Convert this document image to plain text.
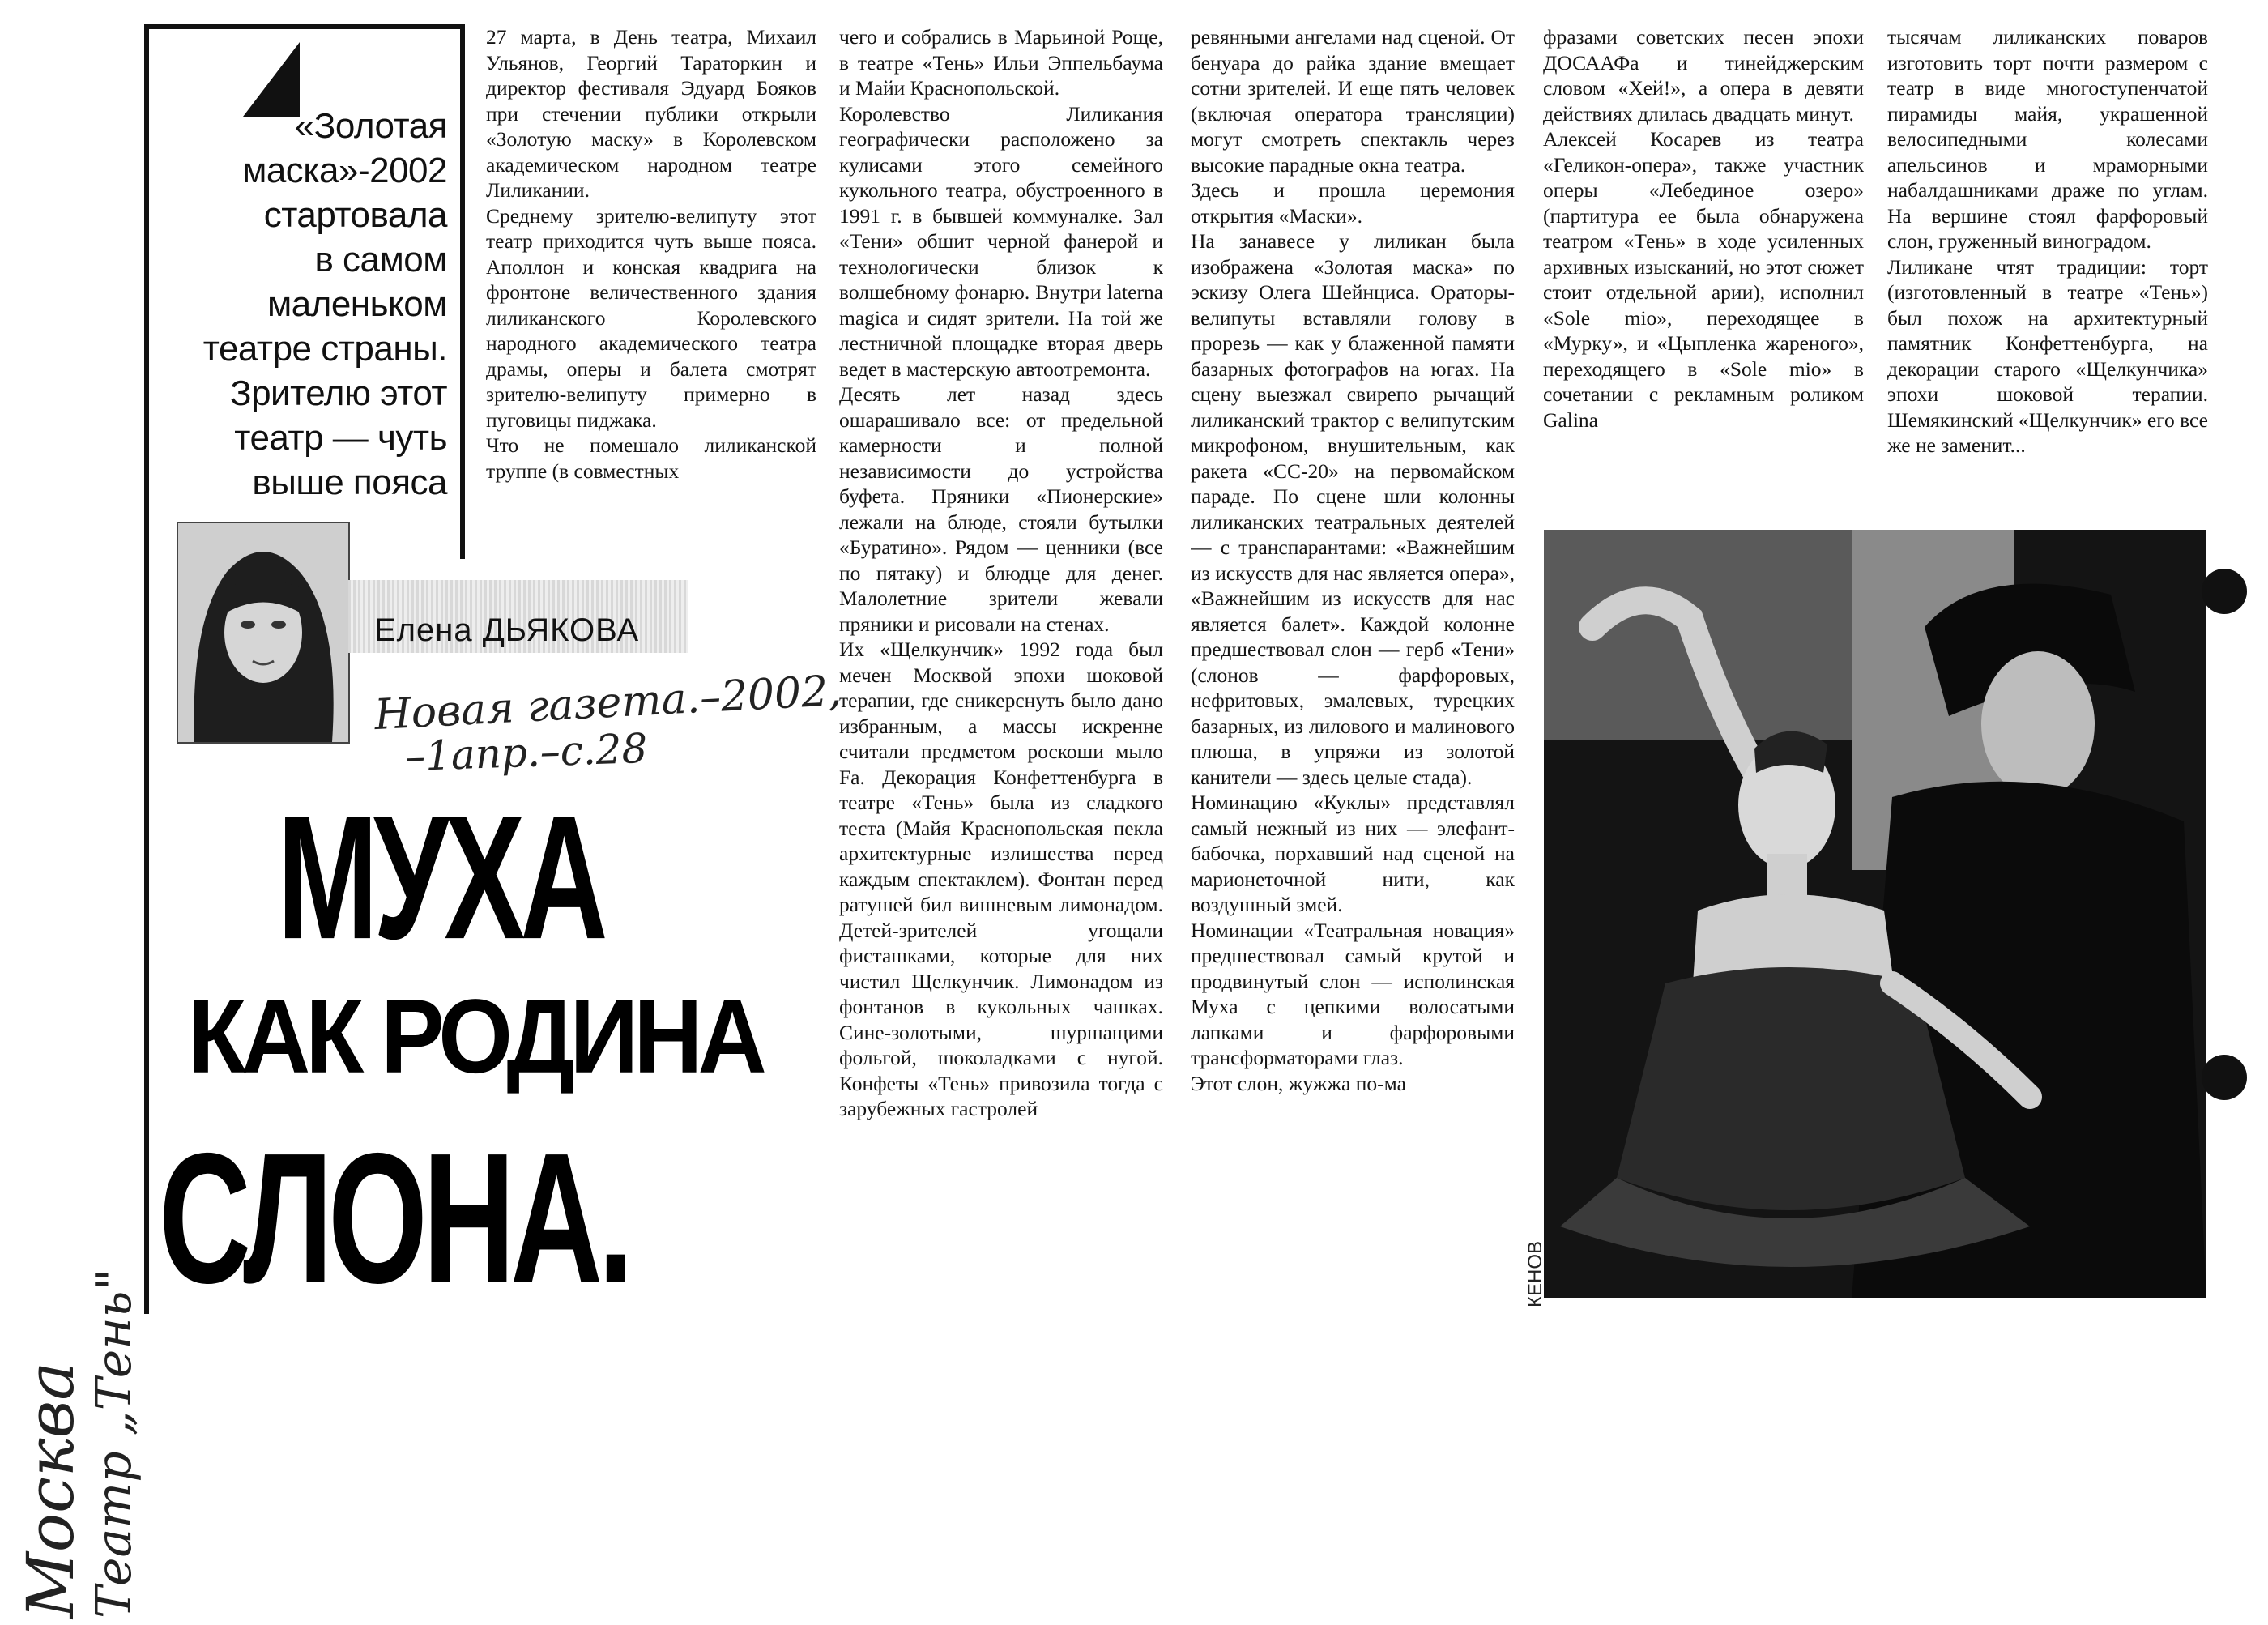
«Золотая
маска»-2002
стартовала
в самом
маленьком
театре страны.
Зрителю этот
театр — чуть
выше пояса
Елена ДЬЯКОВА
Новая газета.–2002,
–1апр.–с.28
МУХА
КАК РОДИНА
СЛОНА.
27 марта, в День театра, Михаил Ульянов, Георгий Тараторкин и директор фестиваля Эдуард Бояков при стечении публики открыли «Золотую маску» в Королевском академическом народном театре Лиликании.
Среднему зрителю-велипуту этот театр приходится чуть выше пояса. Аполлон и конская квадрига на фронтоне величественного здания лиликанского Королевского народного академического театра драмы, оперы и балета смотрят зрителю-велипуту примерно в пуговицы пиджака.
Что не помешало лиликанской труппе (в совместных
чего и собрались в Марьиной Роще, в театре «Тень» Ильи Эппельбаума и Майи Краснопольской.
Королевство Лиликания географически расположено за кулисами этого семейного кукольного театра, обустроенного в 1991 г. в бывшей коммуналке. Зал «Тени» обшит черной фанерой и технологически близок к волшебному фонарю. Внутри laterna magica и сидят зрители. На той же лестничной площадке вторая дверь ведет в мастерскую автоотремонта.
Десять лет назад здесь ошарашивало все: от предельной камерности и полной независимости до устройства буфета. Пряники «Пионерские» лежали на блюде, стояли бутылки «Буратино». Рядом — ценники (все по пятаку) и блюдце для денег. Малолетние зрители жевали пряники и рисовали на стенах.
Их «Щелкунчик» 1992 года был мечен Москвой эпохи шоковой терапии, где сникерснуть было дано избранным, а массы искренне считали предметом роскоши мыло Fa. Декорация Конфеттенбурга в театре «Тень» была из сладкого теста (Майя Краснопольская пекла архитектурные излишества перед каждым спектаклем). Фонтан перед ратушей бил вишневым лимонадом. Детей-зрителей угощали фисташками, которые для них чистил Щелкунчик. Лимонадом из фонтанов в кукольных чашках. Сине-золотыми, шуршащими фольгой, шоколадками с нугой. Конфеты «Тень» привозила тогда с зарубежных гастролей
ревянными ангелами над сценой. От бенуара до райка здание вмещает сотни зрителей. И еще пять человек (включая оператора трансляции) могут смотреть спектакль через высокие парадные окна театра.
Здесь и прошла церемония открытия «Маски».
На занавесе у лиликан была изображена «Золотая маска» по эскизу Олега Шейнциса. Ораторы-велипуты вставляли голову в прорезь — как у блаженной памяти базарных фотографов на югах. На сцену выезжал свирепо рычащий лиликанский трактор с велипутским микрофоном, внушительным, как ракета «СС-20» на первомайском параде. По сцене шли колонны лиликанских театральных деятелей — с транспарантами: «Важнейшим из искусств для нас является опера», «Важнейшим из искусств для нас является балет». Каждой колонне предшествовал слон — герб «Тени» (слонов — фарфоровых, нефритовых, эмалевых, турецких базарных, из лилового и малинового плюша, в упряжи из золотой канители — здесь целые стада).
Номинацию «Куклы» представлял самый нежный из них — элефант-бабочка, порхавший над сценой на марионеточной нити, как воздушный змей.
Номинации «Театральная новация» предшествовал самый крутой и продвинутый слон — исполинская Муха с цепкими волосатыми лапками и фарфоровыми трансформаторами глаз.
Этот слон, жужжа по-ма
фразами советских песен эпохи ДОСААФа и тинейджерским словом «Хей!», а опера в девяти действиях длилась двадцать минут.
Алексей Косарев из театра «Геликон-опера», также участник оперы «Лебединое озеро» (партитура ее была обнаружена театром «Тень» в ходе усиленных архивных изысканий, но этот сюжет стоит отдельной арии), исполнил «Sole mio», переходящее в «Мурку», и «Цыпленка жареного», переходящего в «Sole mio» в сочетании с рекламным роликом Galina
тысячам лиликанских поваров изготовить торт почти размером с театр в виде многоступенчатой пирамиды майя, украшенной велосипедными колесами апельсинов и мраморными набалдашниками драже по углам. На вершине стоял фарфоровый слон, груженный виноградом.
Лиликане чтят традиции: торт (изготовленный в театре «Тень») был похож на архитектурный памятник Конфеттенбурга, на декорации старого «Щелкунчика» эпохи шоковой терапии. Шемякинский «Щелкунчик» его все же не заменит...
КЕНОВ
Москва
Театр „Тень"
